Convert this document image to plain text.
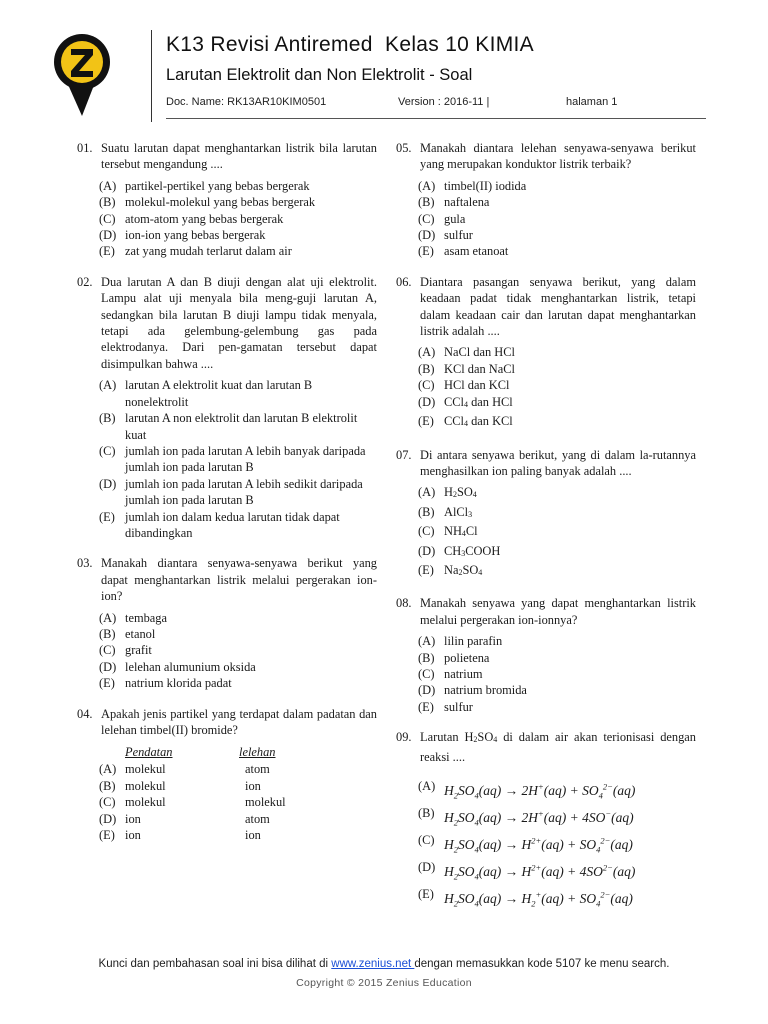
K13 Revisi Antiremed  Kelas 10 KIMIA
Larutan Elektrolit dan Non Elektrolit - Soal
Doc. Name: RK13AR10KIM0501	Version : 2016-11 |	halaman 1
01. Suatu larutan dapat menghantarkan listrik bila larutan tersebut mengandung ....
(A) partikel-pertikel yang bebas bergerak
(B) molekul-molekul yang bebas bergerak
(C) atom-atom yang bebas bergerak
(D) ion-ion yang bebas bergerak
(E) zat yang mudah terlarut dalam air
02. Dua larutan A dan B diuji dengan alat uji elektrolit. Lampu alat uji menyala bila meng-guji larutan A, sedangkan bila larutan B diuji lampu tidak menyala, tetapi ada gelembung-gelembung gas pada elektrodanya. Dari pen-gamatan tersebut dapat disimpulkan bahwa ....
(A) larutan A elektrolit kuat dan larutan B nonelektrolit
(B) larutan A non elektrolit dan larutan B elektrolit kuat
(C) jumlah ion pada larutan A lebih banyak daripada jumlah ion pada larutan B
(D) jumlah ion pada larutan A lebih sedikit daripada jumlah ion pada larutan B
(E) jumlah ion dalam kedua larutan tidak dapat dibandingkan
03. Manakah diantara senyawa-senyawa berikut yang dapat menghantarkan listrik melalui pergerakan ion-ion?
(A) tembaga
(B) etanol
(C) grafit
(D) lelehan alumunium oksida
(E) natrium klorida padat
04. Apakah jenis partikel yang terdapat dalam padatan dan lelehan timbel(II) bromide?
Pendatan	lelehan
(A) molekul	atom
(B) molekul	ion
(C) molekul	molekul
(D) ion	atom
(E) ion	ion
05. Manakah diantara lelehan senyawa-senyawa berikut yang merupakan konduktor listrik terbaik?
(A) timbel(II) iodida
(B) naftalena
(C) gula
(D) sulfur
(E) asam etanoat
06. Diantara pasangan senyawa berikut, yang dalam keadaan padat tidak menghantarkan listrik, tetapi dalam keadaan cair dan larutan dapat menghantarkan listrik adalah ....
(A) NaCl dan HCl
(B) KCl dan NaCl
(C) HCl dan KCl
(D) CCl4 dan HCl
(E) CCl4 dan KCl
07. Di antara senyawa berikut, yang di dalam la-rutannya menghasilkan ion paling banyak adalah ....
(A) H2SO4
(B) AlCl3
(C) NH4Cl
(D) CH3COOH
(E) Na2SO4
08. Manakah senyawa yang dapat menghantarkan listrik melalui pergerakan ion-ionnya?
(A) lilin parafin
(B) polietena
(C) natrium
(D) natrium bromida
(E) sulfur
09. Larutan H2SO4 di dalam air akan terionisasi dengan reaksi ....
(A) $H_2SO_4(aq) \to 2H^+(aq) + SO_4^{2-}(aq)$
(B) $H_2SO_4(aq) \to 2H^+(aq) + 4SO^-(aq)$
(C) $H_2SO_4(aq) \to H^{2+}(aq) + SO_4^{2-}(aq)$
(D) $H_2SO_4(aq) \to H^{2+}(aq) + 4SO^{2-}(aq)$
(E) $H_2SO_4(aq) \to H_2^+(aq) + SO_4^{2-}(aq)$
Kunci dan pembahasan soal ini bisa dilihat di www.zenius.net dengan memasukkan kode 5107 ke menu search.
Copyright © 2015 Zenius Education
